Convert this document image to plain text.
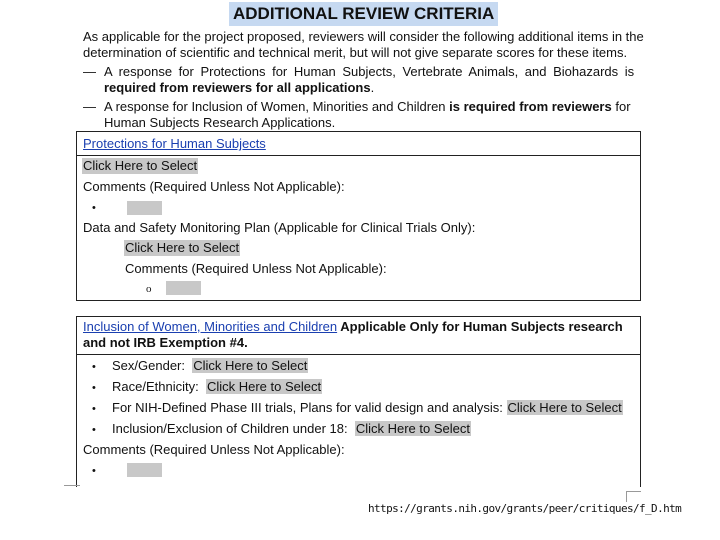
ADDITIONAL REVIEW CRITERIA
As applicable for the project proposed, reviewers will consider the following additional items in the
determination of scientific and technical merit, but will not give separate scores for these items.
— A response for Protections for Human Subjects, Vertebrate Animals, and Biohazards is
required from reviewers for all applications.
— A response for Inclusion of Women, Minorities and Children is required from reviewers for
Human Subjects Research Applications.
Protections for Human Subjects
Click Here to Select
Comments (Required Unless Not Applicable):
•
Data and Safety Monitoring Plan (Applicable for Clinical Trials Only):
Click Here to Select
Comments (Required Unless Not Applicable):
o
Inclusion of Women, Minorities and Children Applicable Only for Human Subjects research
and not IRB Exemption #4.
• Sex/Gender: Click Here to Select
• Race/Ethnicity: Click Here to Select
• For NIH-Defined Phase III trials, Plans for valid design and analysis: Click Here to Select
• Inclusion/Exclusion of Children under 18: Click Here to Select
Comments (Required Unless Not Applicable):
•
https://grants.nih.gov/grants/peer/critiques/f_D.htm
